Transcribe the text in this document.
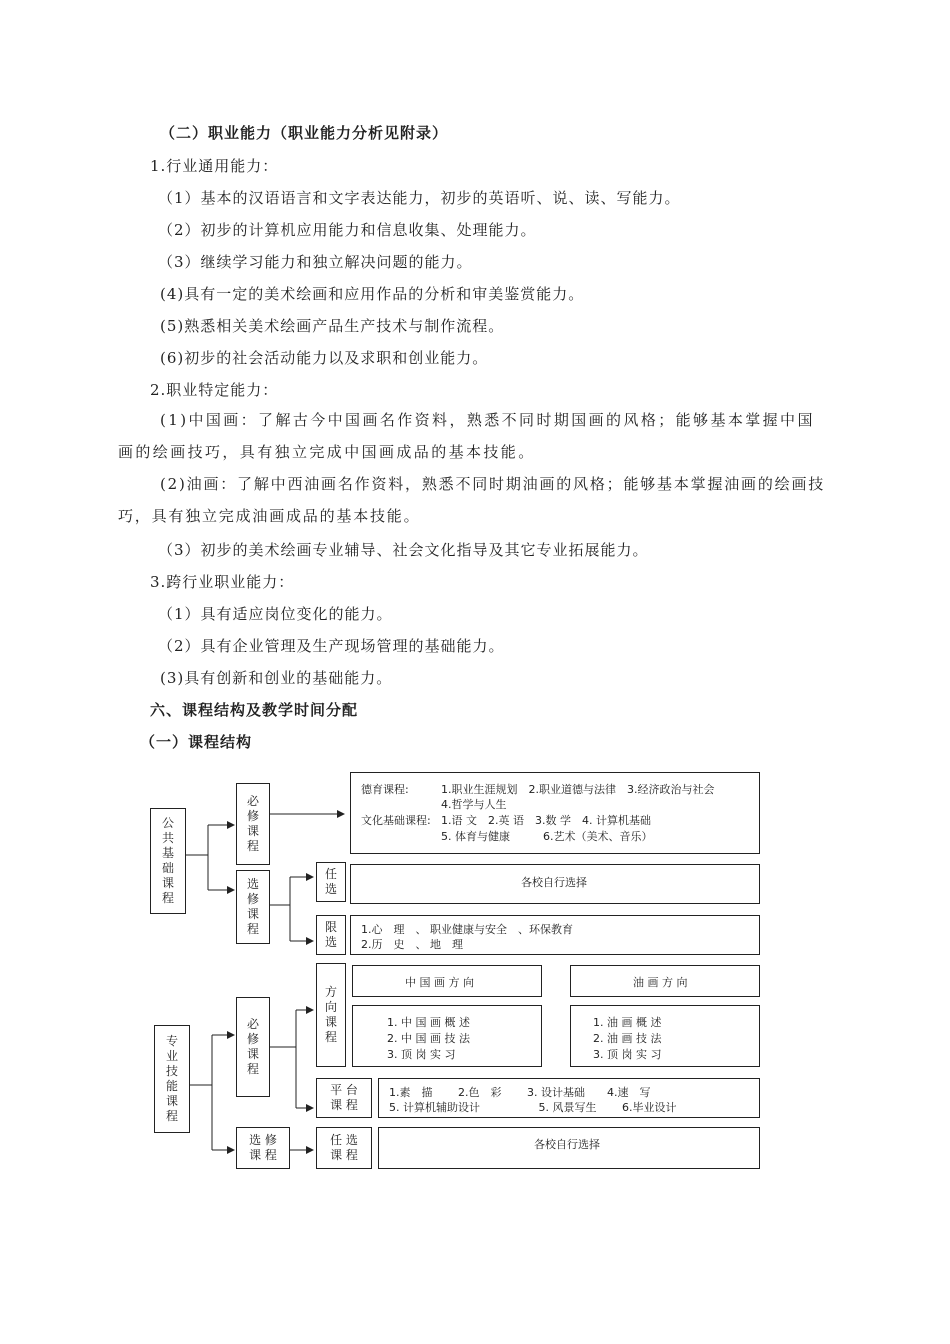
（二）职业能力（职业能力分析见附录）
1.行业通用能力：
（1）基本的汉语语言和文字表达能力，初步的英语听、说、读、写能力。
（2）初步的计算机应用能力和信息收集、处理能力。
（3）继续学习能力和独立解决问题的能力。
(4)具有一定的美术绘画和应用作品的分析和审美鉴赏能力。
(5)熟悉相关美术绘画产品生产技术与制作流程。
(6)初步的社会活动能力以及求职和创业能力。
2.职业特定能力：
(1)中国画：了解古今中国画名作资料，熟悉不同时期国画的风格；能够基本掌握中国画的绘画技巧，具有独立完成中国画成品的基本技能。
(2)油画：了解中西油画名作资料，熟悉不同时期油画的风格；能够基本掌握油画的绘画技巧，具有独立完成油画成品的基本技能。
（3）初步的美术绘画专业辅导、社会文化指导及其它专业拓展能力。
3.跨行业职业能力：
（1）具有适应岗位变化的能力。
（2）具有企业管理及生产现场管理的基础能力。
(3)具有创新和创业的基础能力。
六、课程结构及教学时间分配
（一）课程结构
公
共
基
础
课
程
必
修
课
程
选
修
课
程
德育课程:	1.职业生涯规划　2.职业道德与法律　3.经济政治与社会
4.哲学与人生
文化基础课程: 1.语 文　2.英 语　3.数 学　4. 计算机基础
5. 体育与健康　　　6.艺术（美术、音乐）
任
选	各校自行选择
限
选
1.心　理　、 职业健康与安全　、环保教育
2.历　史　、 地　理
专
业
技
能
课
程
必
修
课
程
方
向
课
程
中 国 画 方 向	油 画 方 向
1. 中 国 画 概 述
2. 中 国 画 技 法
3. 顶 岗 实 习
1. 油 画 概 述
2. 油 画 技 法
3. 顶 岗 实 习
平 台
课 程
1.素　描　　 2.色　彩　　 3. 设计基础　　4.速　写
5. 计算机辅助设计　　　　　 5. 风景写生　　 6.毕业设计
选 修
课 程
任 选
课 程
各校自行选择
